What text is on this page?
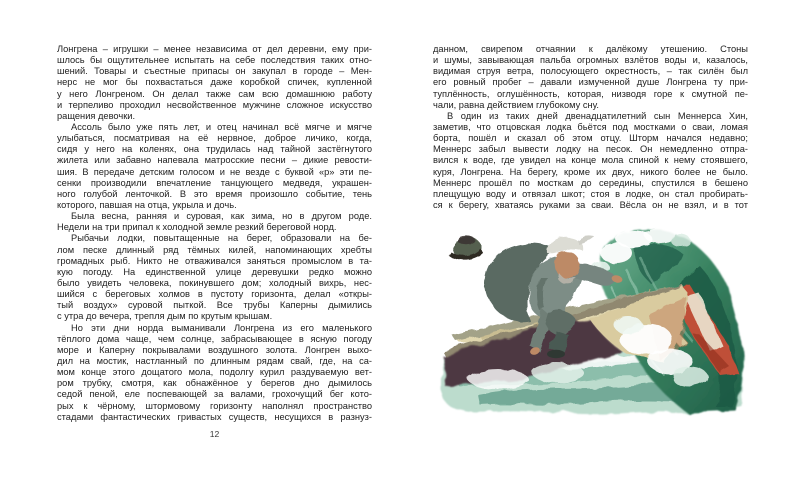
Лонгрена – игрушки – менее независима от дел деревни, ему при-
шлось бы ощутительнее испытать на себе последствия таких отно-
шений. Товары и съестные припасы он закупал в городе – Мен-
нерс не мог бы похвастаться даже коробкой спичек, купленной
у него Лонгреном. Он делал также сам всю домашнюю работу
и терпеливо проходил несвойственное мужчине сложное искусство
ращения девочки.
Ассоль было уже пять лет, и отец начинал всё мягче и мягче
улыбаться, посматривая на её нервное, доброе личико, когда,
сидя у него на коленях, она трудилась над тайной застёгнутого
жилета или забавно напевала матросские песни – дикие ревости-
шия. В передаче детским голосом и не везде с буквой «р» эти пе-
сенки производили впечатление танцующего медведя, украшен-
ного голубой ленточкой. В это время произошло событие, тень
которого, павшая на отца, укрыла и дочь.
Была весна, ранняя и суровая, как зима, но в другом роде.
Недели на три припал к холодной земле резкий береговой норд.
Рыбачьи лодки, повытащенные на берег, образовали на бе-
лом песке длинный ряд тёмных килей, напоминающих хребты
громадных рыб. Никто не отваживался заняться промыслом в та-
кую погоду. На единственной улице деревушки редко можно
было увидеть человека, покинувшего дом; холодный вихрь, нес-
шийся с береговых холмов в пустоту горизонта, делал «откры-
тый воздух» суровой пыткой. Все трубы Каперны дымились
с утра до вечера, трепля дым по крутым крышам.
Но эти дни норда выманивали Лонгрена из его маленького
тёплого дома чаще, чем солнце, забрасывающее в ясную погоду
море и Каперну покрывалами воздушного золота. Лонгрен выхо-
дил на мостик, настланный по длинным рядам свай, где, на са-
мом конце этого дощатого мола, подолгу курил раздуваемую вет-
ром трубку, смотря, как обнажённое у берегов дно дымилось
седой пеной, еле поспевающей за валами, грохочущий бег кото-
рых к чёрному, штормовому горизонту наполнял пространство
стадами фантастических гривастых существ, несущихся в разнуз-
12
данном, свирепом отчаянии к далёкому утешению. Стоны
и шумы, завывающая пальба огромных взлётов воды и, казалось,
видимая струя ветра, полосующего окрестность, – так силён был
его ровный пробег – давали измученной душе Лонгрена ту при-
туплённость, оглушённость, которая, низводя горе к смутной пе-
чали, равна действием глубокому сну.
В один из таких дней двенадцатилетний сын Меннерса Хин,
заметив, что отцовская лодка бьётся под мостками о сваи, ломая
борта, пошёл и сказал об этом отцу. Шторм начался недавно;
Меннерс забыл вывести лодку на песок. Он немедленно отпра-
вился к воде, где увидел на конце мола спиной к нему стоявшего,
куря, Лонгрена. На берегу, кроме их двух, никого более не было.
Меннерс прошёл по мосткам до середины, спустился в бешено
плещущую воду и отвязал шкот; стоя в лодке, он стал пробирать-
ся к берегу, хватаясь руками за сваи. Вёсла он не взял, и в тот
